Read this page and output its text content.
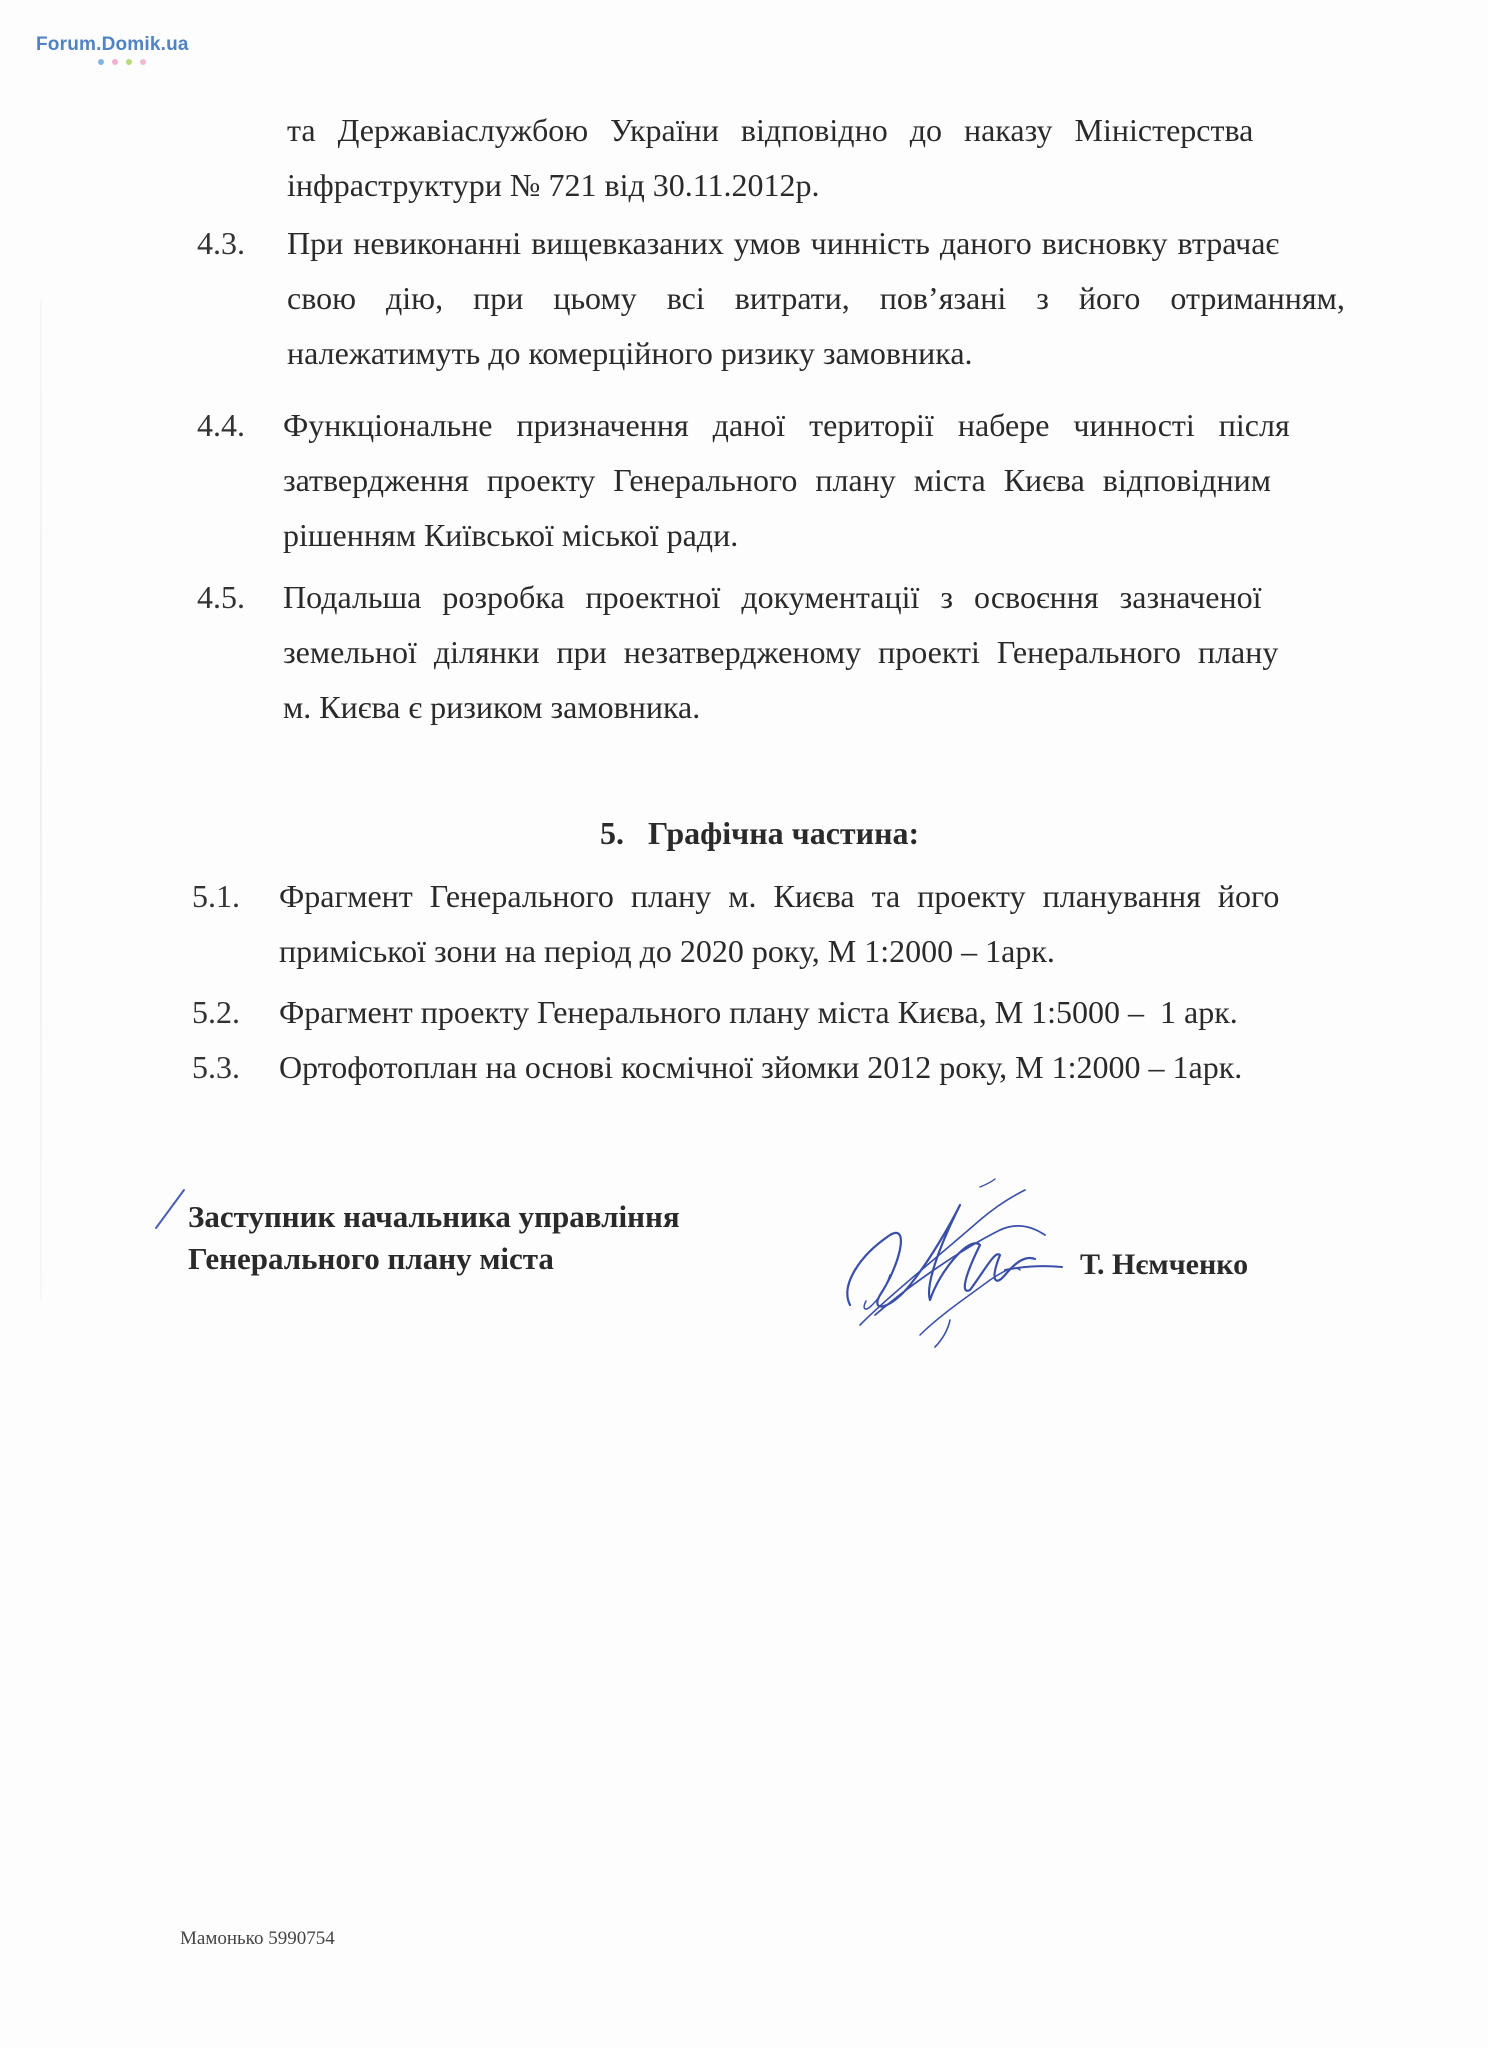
Forum.Domik.ua
та Державіаслужбою України відповідно до наказу Міністерства
інфраструктури № 721 від 30.11.2012р.
4.3. При невиконанні вищевказаних умов чинність даного висновку втрачає
свою дію, при цьому всі витрати, пов’язані з його отриманням,
належатимуть до комерційного ризику замовника.
4.4. Функціональне призначення даної території набере чинності після
затвердження проекту Генерального плану міста Києва відповідним
рішенням Київської міської ради.
4.5. Подальша розробка проектної документації з освоєння зазначеної
земельної ділянки при незатвердженому проекті Генерального плану
м. Києва є ризиком замовника.
5.   Графічна частина:
5.1. Фрагмент Генерального плану м. Києва та проекту планування його
приміської зони на період до 2020 року, М 1:2000 – 1арк.
5.2. Фрагмент проекту Генерального плану міста Києва, М 1:5000 –  1 арк.
5.3. Ортофотоплан на основі космічної зйомки 2012 року, М 1:2000 – 1арк.
Заступник начальника управління
Генерального плану міста	Т. Нємченко
Мамонько 5990754
